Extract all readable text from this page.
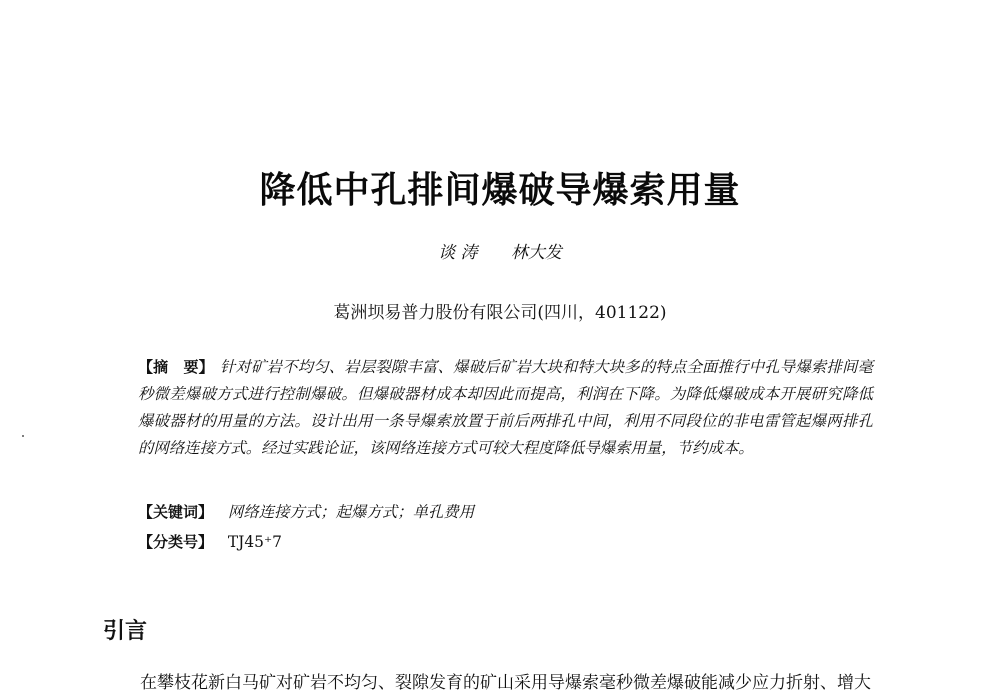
降低中孔排间爆破导爆索用量
谈 涛 林大发
葛洲坝易普力股份有限公司(四川，401122)
【摘　要】 针对矿岩不均匀、岩层裂隙丰富、爆破后矿岩大块和特大块多的特点全面推行中孔导爆索排间毫秒微差爆破方式进行控制爆破。但爆破器材成本却因此而提高，利润在下降。为降低爆破成本开展研究降低爆破器材的用量的方法。设计出用一条导爆索放置于前后两排孔中间，利用不同段位的非电雷管起爆两排孔的网络连接方式。经过实践论证，该网络连接方式可较大程度降低导爆索用量，节约成本。
【关键词】 网络连接方式；起爆方式；单孔费用
【分类号】 TJ45⁺7
引言
在攀枝花新白马矿对矿岩不均匀、裂隙发育的矿山采用导爆索毫秒微差爆破能减少应力折射、增大
